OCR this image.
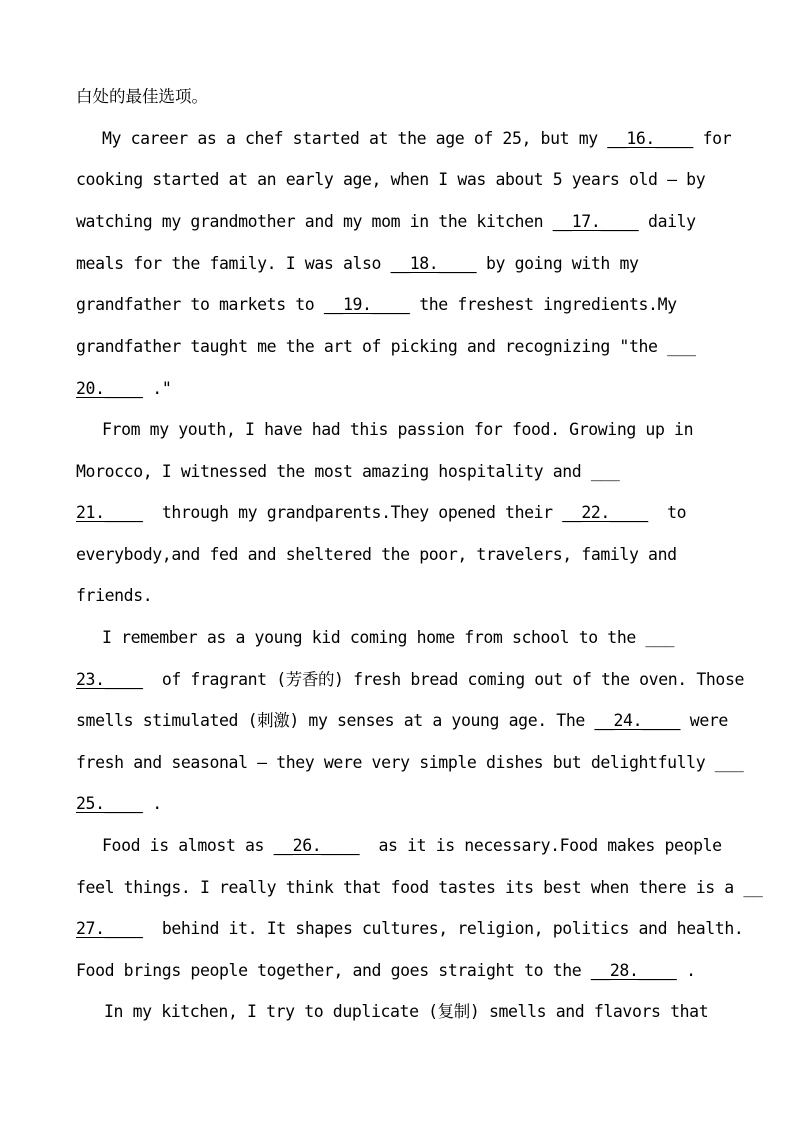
白处的最佳选项。
My career as a chef started at the age of 25, but my __16.____ for
cooking started at an early age, when I was about 5 years old — by
watching my grandmother and my mom in the kitchen __17.____ daily
meals for the family. I was also __18.____ by going with my
grandfather to markets to __19.____ the freshest ingredients.My
grandfather taught me the art of picking and recognizing "the ___
20.____ ."
From my youth, I have had this passion for food. Growing up in
Morocco, I witnessed the most amazing hospitality and ___
21.____  through my grandparents.They opened their __22.____  to
everybody,and fed and sheltered the poor, travelers, family and
friends.
I remember as a young kid coming home from school to the ___
23.____  of fragrant (芳香的) fresh bread coming out of the oven. Those
smells stimulated (刺激) my senses at a young age. The __24.____ were
fresh and seasonal — they were very simple dishes but delightfully ___
25.____ .
Food is almost as __26.____  as it is necessary.Food makes people
feel things. I really think that food tastes its best when there is a __
27.____  behind it. It shapes cultures, religion, politics and health.
Food brings people together, and goes straight to the __28.____ .
In my kitchen, I try to duplicate (复制) smells and flavors that
